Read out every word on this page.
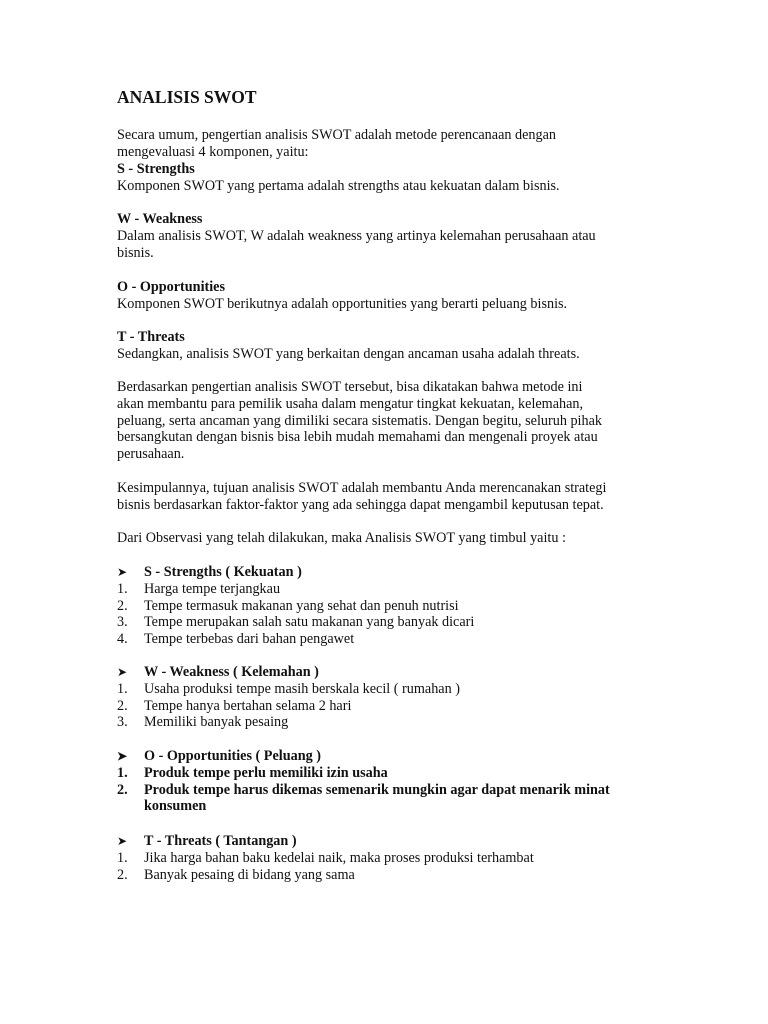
ANALISIS SWOT
Secara umum, pengertian analisis SWOT adalah metode perencanaan dengan
mengevaluasi 4 komponen, yaitu:
S - Strengths
Komponen SWOT yang pertama adalah strengths atau kekuatan dalam bisnis.
W - Weakness
Dalam analisis SWOT, W adalah weakness yang artinya kelemahan perusahaan atau
bisnis.
O - Opportunities
Komponen SWOT berikutnya adalah opportunities yang berarti peluang bisnis.
T - Threats
Sedangkan, analisis SWOT yang berkaitan dengan ancaman usaha adalah threats.
Berdasarkan pengertian analisis SWOT tersebut, bisa dikatakan bahwa metode ini
akan membantu para pemilik usaha dalam mengatur tingkat kekuatan, kelemahan,
peluang, serta ancaman yang dimiliki secara sistematis. Dengan begitu, seluruh pihak
bersangkutan dengan bisnis bisa lebih mudah memahami dan mengenali proyek atau
perusahaan.
Kesimpulannya, tujuan analisis SWOT adalah membantu Anda merencanakan strategi
bisnis berdasarkan faktor-faktor yang ada sehingga dapat mengambil keputusan tepat.
Dari Observasi yang telah dilakukan, maka Analisis SWOT yang timbul yaitu :
➤	S - Strengths ( Kekuatan )
1.	Harga tempe terjangkau
2.	Tempe termasuk makanan yang sehat dan penuh nutrisi
3.	Tempe merupakan salah satu makanan yang banyak dicari
4.	Tempe terbebas dari bahan pengawet
➤	W - Weakness ( Kelemahan )
1.	Usaha produksi tempe masih berskala kecil ( rumahan )
2.	Tempe hanya bertahan selama 2 hari
3.	Memiliki banyak pesaing
➤	O - Opportunities ( Peluang )
1.	Produk tempe perlu memiliki izin usaha
2.	Produk tempe harus dikemas semenarik mungkin agar dapat menarik minat konsumen
➤	T - Threats ( Tantangan )
1.	Jika harga bahan baku kedelai naik, maka proses produksi terhambat
2.	Banyak pesaing di bidang yang sama
